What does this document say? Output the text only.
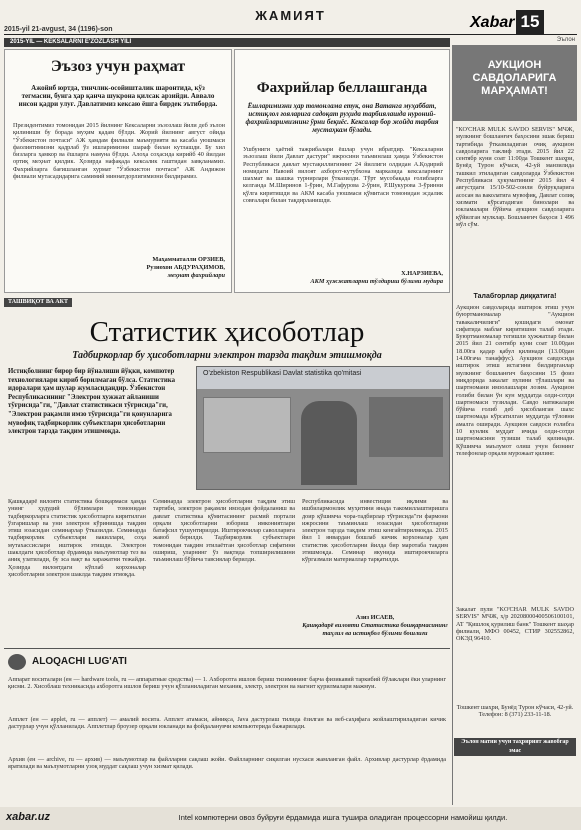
ЖАМИЯТ
2015-yil 21-avgust, 34 (1196)-son	Xabar 15
2015-YIL — KEKSALARNI E'ZOZLASH YILI
Эъзоз учун раҳмат
Ажойиб юртда, тинчлик-осойишталик шаронтида, кўз тегмасин, бунга ҳар қанча шукрона қилсак арзийди. Аввало инсон қадри улуғ. Давлатимиз кексаю ёшга бирдек эътиборда.
Президентимиз томонидан 2015 йилнинг Кексаларни эъзозлаш йили деб эълон қилиниши бу борада муҳим қадам бўлди. Жорий йилнинг август ойида "Ўзбекистон почтаси" АЖ ҳамдам филиали маъмурияти ва касаба уюшмаси фаолиятимизни қадрлаб ўз ишларимизни шараф билан кутлашди. Бу хил бизларга ҳамкор ва ёшларга намуна бўлди. Алоҳа соҳасида кирийб 40 йилдан ортиқ меҳнат қилдик. Ҳозирда нафақада кексалик гаштидан завқланамиз. Фахрийларга бағишланган хурмат "Ўзбекистон почтаси" АЖ Андижон филиали мутасадидарига самимий миннатдорлигимизни билдирамиз.
Маҳамматалли ОРЗИЕВ,
Рузиохон АБДУРАҲИМОВ,
меҳнат фахрийлари
Фахрийлар беллашганда
Ёшларимизни ҳар томонлама етук, она Ватанга муҳаббат, истиқлол ғояларига садоқат руҳида тарбиялашда нуроний-фахрийларимизнинг ўрни беқиёс. Кексалар бор жойда тарбия мустаҳкам бўлади.
Ушбуниги ҳаётий тажрибалари ёшлар учун ибратдир. "Кексаларни эъзозлаш йили Давлат дастури" ижросини таъминлаш ҳамда Ўзбекистон Республикаси давлат мустақиллигининг 24 йиллиги олдидан А.Қодирий номидаги Навоий вилоят ахборот-кутубхона марказида кексаларнинг шахмат ва шашка турнирлари ўтказилди. Тўрт мусобақада ғолибларга келганда М.Ширинов 1-ўрин, М.Гафурова 2-ўрин, Р.Шукурова 3-ўринни қўлга киритишди ва АКМ касаба уюшмаси қўмитаси томонидан эсдалик совғалари билан тақдирланишди.
Х.НАРЗИЕВА,
АКМ ҳужжатларни тўлдириш бўлими мудира
Эълон
АУКЦИОН САВДОЛАРИГА МАРҲАМАТ!
"КО'CHAR MULK SAVDO SERVIS" МЧЖ, мулкнинг бошланғич баҳосини эшак бериш тартибида ўтказиладиган очиқ аукцион савдоларига таклиф этади. 2015 йил 22 сентябр куни соат 11:00да Тошкент шаҳри, Бунёд Турон кўчаси, 42-уй манзилида ташкил этиладиган савдоларда Ўзбекистон Республикаси ҳукуматининг 2015 йил 4 августдаги 15/10-502-сонли буйруқларига асосан ва ваколатига мувофиқ, Давлат солиқ хизмати кўрсатадиган бинолари ва юкламалари бўйича аукцион савдоларига қўйилган мулклар. Бошланғич баҳоси 1 496 мўл сўм.
Талабгорлар диққатига!
Аукцион савдоларида иштирок этиш учун буюртманомалар "Аукцион тавакаличилиги" қошидаги омонат сифатида маблағ киритишни талаб этади. Буюртманомалар тегишли ҳужжатлар билан 2015 йил 21 сентябр куни соат 10.00дан 18.00га қадар қабул қилинади (13.00дан 14.00гача танаффус). Аукцион савдосида иштирок этиш истагини билдирганлар мулкнинг бошланғич баҳосини 15 фоиз миқдорида закалат пулини тўлашлари ва шартномани имзолашлари лозим. Аукцион ғолиби билан ўн кун муддатда олди-сотди шартномаси тузилади. Савдо натижалари бўйича ғолиб деб ҳисобланган шахс шартномада кўрсатилган муддатда тўловни амалга оширади. Аукцион савдоси ғолибга 10 кунлик муддат ичида олди-сотди шартномасини тузиши талаб қилинади. Қўшимча маълумот олиш учун бизнинг телефонлар орқали мурожаат қилинг.
Закалат пули "KO'CHAR MULK SAVDO SERVIS" МЧЖ, ҳ/р 20208000400506100101, АТ "Қишлоқ қурилиш банк" Тошкент шаҳар филиали, МФО 00452, СТИР 302552862, ОКЭД 96410.
Тошкент шаҳри, Бунёд Турон кўчаси, 42-уй. Телефон: 8 (371) 233-11-18.
Эълон матни учун таҳририят жавобгар эмас
ТАШВИҚОТ ВА АКТ
Статистик ҳисоботлар
Тадбиркорлар бу ҳисоботларни электрон тарзда тақдим этишмоқда
Истиқболнинг бирор бир йўналиши йўқки, компютер технологиялари кириб борилмаган бўлса. Статистика идоралари ҳам шулар жумласидандир. Ўзбекистон Республикасининг "Электрон хужжат айланиши тўғрисида"ги, "Давлат статистикаси тўғрисида"ги, "Электрон рақамли имзо тўғрисида"ги қонунларига мувофиқ тадбиркорлик субъектлари ҳисоботларни электрон тарзда тақдим этишмоқда.
O'zbekiston Respublikasi Davlat statistika qo'mitasi
Қашқадарё вилояти статистика бошқармаси ҳамда унинг ҳудудий бўлимлари томонидан тадбиркорларга статистик ҳисоботларга киритилган ўзгаришлар ва уни электрон кўринишда тақдим этиш юзасидан семинарлар ўтказилди. Семинарда тадбиркорлик субъектлари вакиллари, соҳа мутахассислари иштирок этишди. Электрон шаклдаги ҳисоботлар ёрдамида маълумотлар тез ва аниқ узатилади, бу эса вақт ва харажатни тежайди. Ҳозирда вилоятдаги кўплаб корхоналар ҳисоботларни электрон шаклда тақдим этмоқда.
Семинарда электрон ҳисоботларни тақдим этиш тартиби, электрон рақамли имзодан фойдаланиш ва давлат статистика қўмитасининг расмий портали орқали ҳисоботларни юбориш имкониятлари батафсил тушунтирилди. Иштирокчилар саволларига жавоб берилди. Тадбиркорлик субъектлари томонидан тақдим этилаётган ҳисоботлар сифатини ошириш, уларнинг ўз вақтида топширилишини таъминлаш бўйича тавсиялар берилди.
Республикасида инвестиция иқлими ва ишбилармонлик муҳитини янада такомиллаштиришга доир қўшимча чора-тадбирлар тўғрисида"ги фармони ижросини таъминлаш юзасидан ҳисоботларни электрон тарзда тақдим этиш кенгайтирилмоқда. 2015 йил 1 январдан бошлаб кичик корхоналар ҳам статистик ҳисоботларни йилда бир маротаба тақдим этишмоқда. Семинар якунида иштирокчиларга кўргазмали материаллар тарқатилди.
Азиз ИСАЕВ,
Қашқадарё вилояти Статистика бошқармасининг таҳлил ва истиқбол бўлими бошлиғи
ALOQACHI LUG'ATI
Аппарат воситалари (ен — hardware tools, ru — аппаратные средства) — 1. Ахборотга ишлов бериш тизимининг барча физикавий таркибий бўлаклари ёки уларнинг қисми. 2. Хисоблаш техникасида ахборотга ишлов бериш учун қўлланиладиган механик, электр, электрон ва магнит қурилмалари мажмуи.
Апплет (ен — applet, ru — апплет) — амалий восита. Апплет атамаси, айниқса, Java дастурлаш тилида ёзилган ва веб-саҳифага жойлаштириладиган кичик дастурлар учун қўлланилади. Апплетлар броузер орқали юкланади ва фойдаланувчи компьютерида бажарилади.
Архив (ен — archive, ru — архив) — маълумотлар ва файлларни сақлаш жойи. Файлларнинг сиқилган нусхаси жамланган файл. Архивлар дастурлар ёрдамида яратилади ва маълумотларни узоқ муддат сақлаш учун хизмат қилади.
xabar.uz	Intel компютерни овоз буйруғи ёрдамида ишга тушира оладиган процессорни намойиш қилди.
